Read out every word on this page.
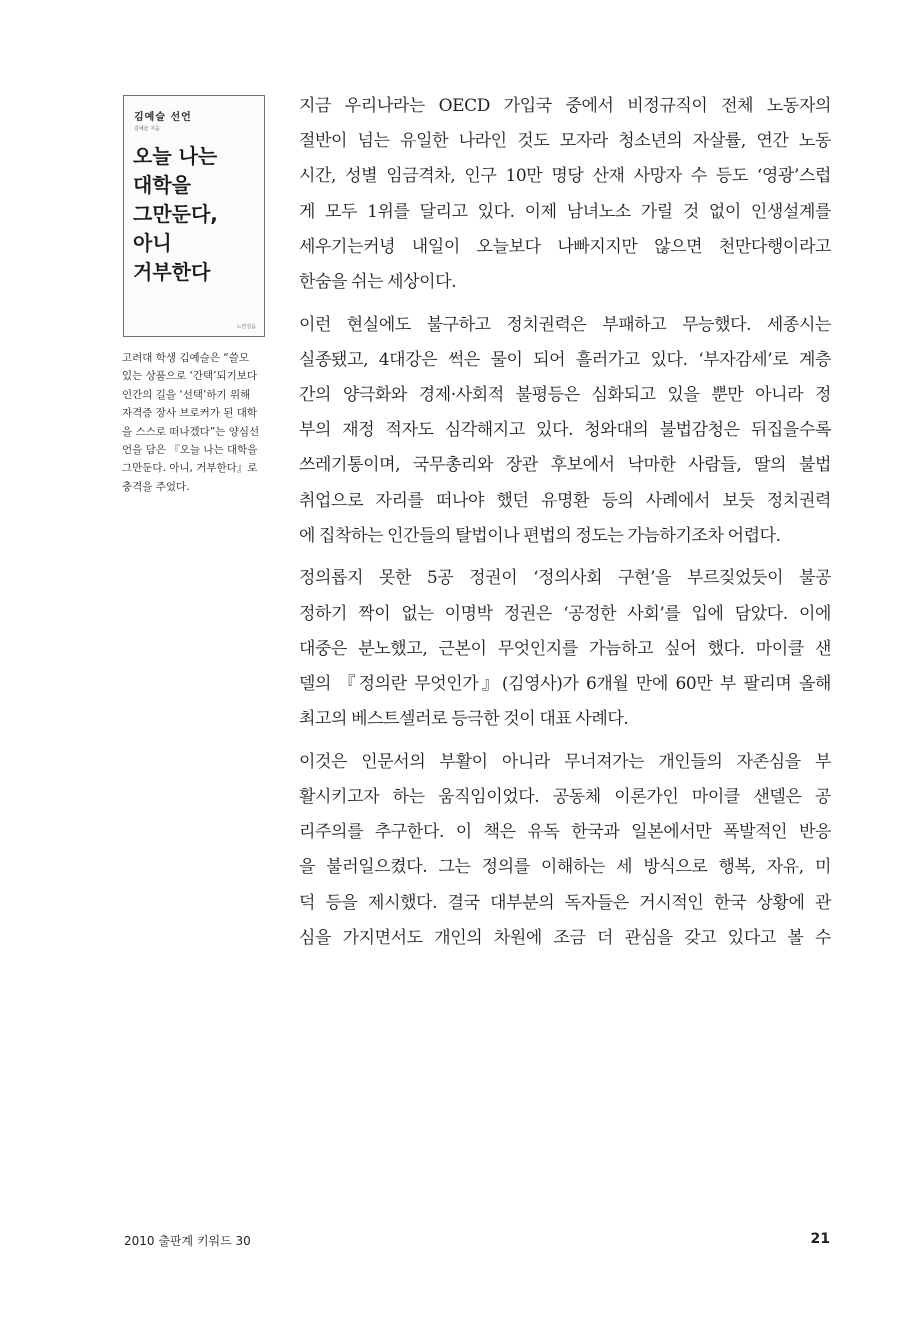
김예슬 선언
김예슬 지음
오늘 나는
대학을
그만둔다,
아니
거부한다
느린걸음

고려대 학생 김예슬은 “쓸모
있는 상품으로 ‘간택’되기보다
인간의 길을 ‘선택’하기 위해
자격증 장사 브로커가 된 대학
을 스스로 떠나겠다”는 양심선
언을 담은 『오늘 나는 대학을
그만둔다. 아니, 거부한다』로
충격을 주었다.

지금 우리나라는 OECD 가입국 중에서 비정규직이 전체 노동자의
절반이 넘는 유일한 나라인 것도 모자라 청소년의 자살률, 연간 노동
시간, 성별 임금격차, 인구 10만 명당 산재 사망자 수 등도 ‘영광’스럽
게 모두 1위를 달리고 있다. 이제 남녀노소 가릴 것 없이 인생설계를
세우기는커녕 내일이 오늘보다 나빠지지만 않으면 천만다행이라고
한숨을 쉬는 세상이다.
이런 현실에도 불구하고 정치권력은 부패하고 무능했다. 세종시는
실종됐고, 4대강은 썩은 물이 되어 흘러가고 있다. ‘부자감세’로 계층
간의 양극화와 경제·사회적 불평등은 심화되고 있을 뿐만 아니라 정
부의 재정 적자도 심각해지고 있다. 청와대의 불법감청은 뒤집을수록
쓰레기통이며, 국무총리와 장관 후보에서 낙마한 사람들, 딸의 불법
취업으로 자리를 떠나야 했던 유명환 등의 사례에서 보듯 정치권력
에 집착하는 인간들의 탈법이나 편법의 정도는 가늠하기조차 어렵다.
정의롭지 못한 5공 정권이 ‘정의사회 구현’을 부르짖었듯이 불공
정하기 짝이 없는 이명박 정권은 ‘공정한 사회’를 입에 담았다. 이에
대중은 분노했고, 근본이 무엇인지를 가늠하고 싶어 했다. 마이클 샌
델의 『정의란 무엇인가』(김영사)가 6개월 만에 60만 부 팔리며 올해
최고의 베스트셀러로 등극한 것이 대표 사례다.
이것은 인문서의 부활이 아니라 무너져가는 개인들의 자존심을 부
활시키고자 하는 움직임이었다. 공동체 이론가인 마이클 샌델은 공
리주의를 추구한다. 이 책은 유독 한국과 일본에서만 폭발적인 반응
을 불러일으켰다. 그는 정의를 이해하는 세 방식으로 행복, 자유, 미
덕 등을 제시했다. 결국 대부분의 독자들은 거시적인 한국 상황에 관
심을 가지면서도 개인의 차원에 조금 더 관심을 갖고 있다고 볼 수
2010 출판계 키워드 30	21
